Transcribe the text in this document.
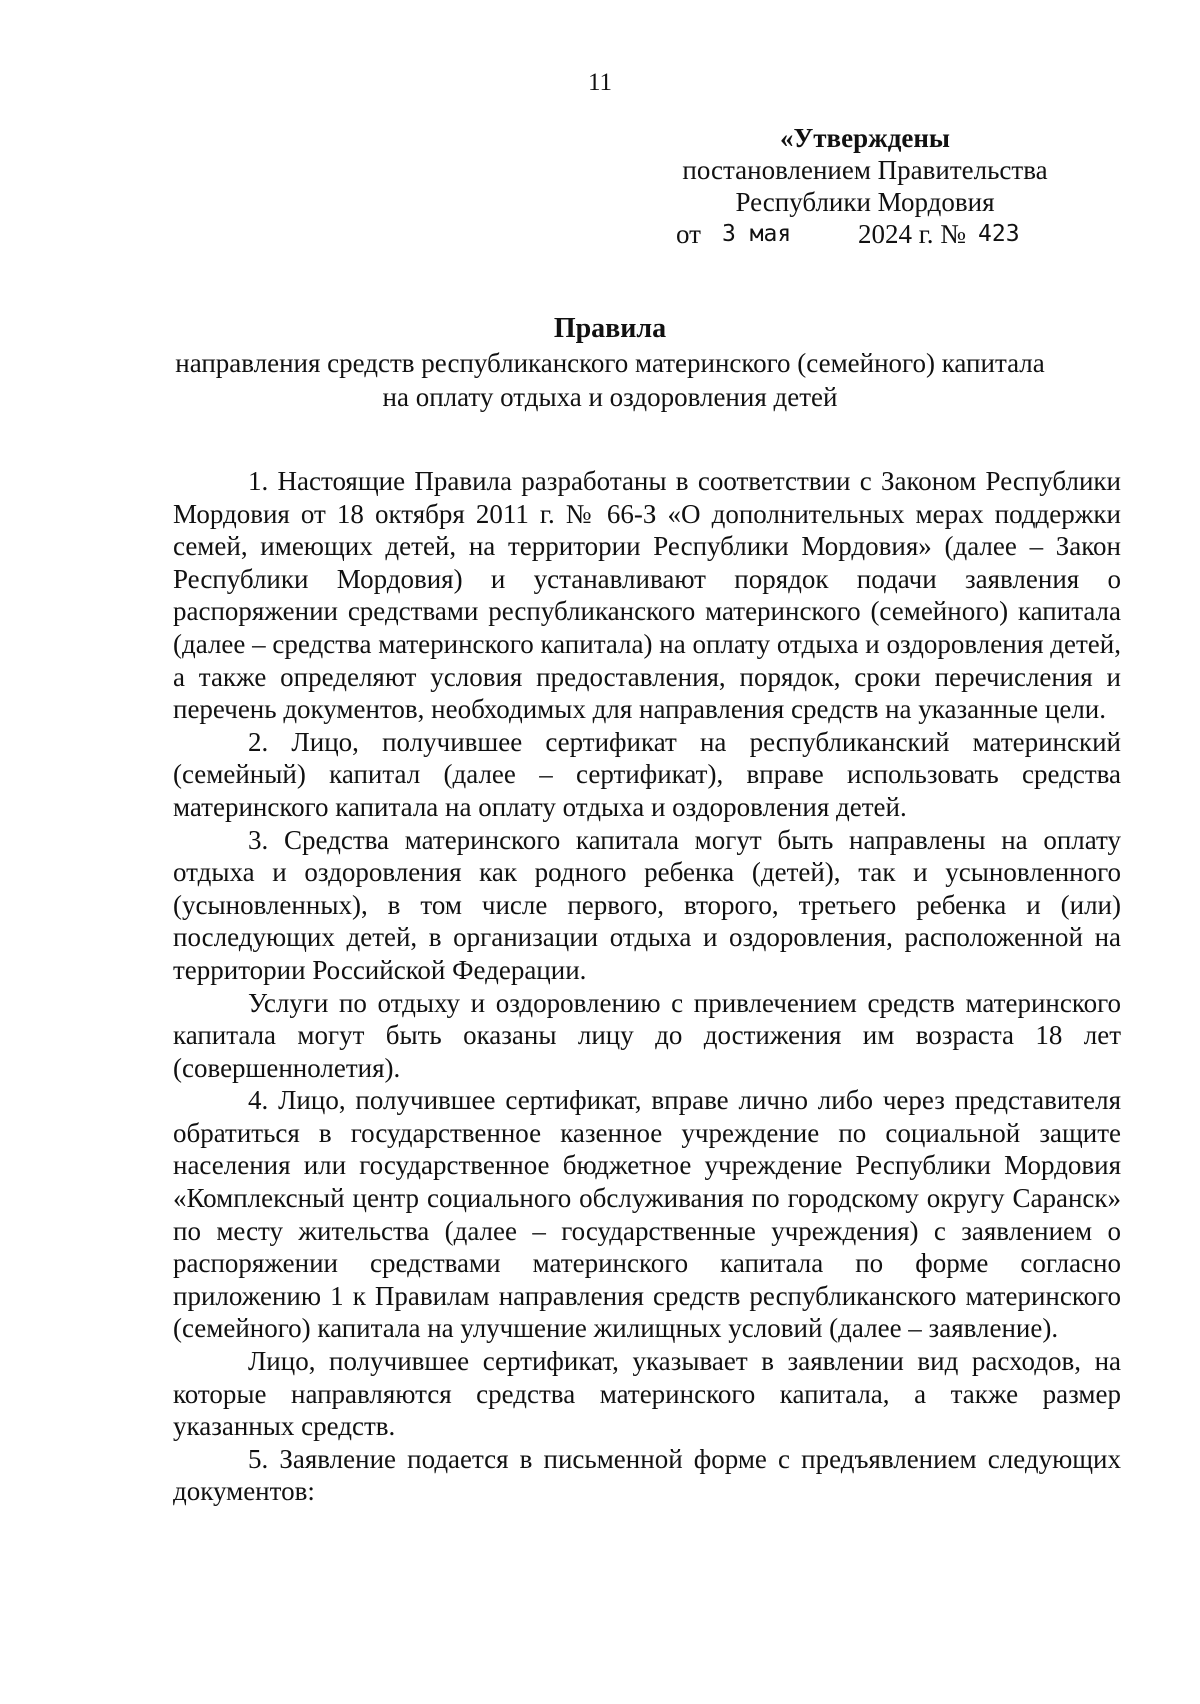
11
«Утверждены
постановлением Правительства
Республики Мордовия
от 3 мая 2024 г. № 423
Правила
направления средств республиканского материнского (семейного) капитала
на оплату отдыха и оздоровления детей

1. Настоящие Правила разработаны в соответствии с Законом Республики Мордовия от 18 октября 2011 г. № 66-З «О дополнительных мерах поддержки семей, имеющих детей, на территории Республики Мордовия» (далее – Закон Республики Мордовия) и устанавливают порядок подачи заявления о распоряжении средствами республиканского материнского (семейного) капитала (далее – средства материнского капитала) на оплату отдыха и оздоровления детей, а также определяют условия предоставления, порядок, сроки перечисления и перечень документов, необходимых для направления средств на указанные цели.

2. Лицо, получившее сертификат на республиканский материнский (семейный) капитал (далее – сертификат), вправе использовать средства материнского капитала на оплату отдыха и оздоровления детей.

3. Средства материнского капитала могут быть направлены на оплату отдыха и оздоровления как родного ребенка (детей), так и усыновленного (усыновленных), в том числе первого, второго, третьего ребенка и (или) последующих детей, в организации отдыха и оздоровления, расположенной на территории Российской Федерации.

Услуги по отдыху и оздоровлению с привлечением средств материнского капитала могут быть оказаны лицу до достижения им возраста 18 лет (совершеннолетия).

4. Лицо, получившее сертификат, вправе лично либо через представителя обратиться в государственное казенное учреждение по социальной защите населения или государственное бюджетное учреждение Республики Мордовия «Комплексный центр социального обслуживания по городскому округу Саранск» по месту жительства (далее – государственные учреждения) с заявлением о распоряжении средствами материнского капитала по форме согласно приложению 1 к Правилам направления средств республиканского материнского (семейного) капитала на улучшение жилищных условий (далее – заявление).

Лицо, получившее сертификат, указывает в заявлении вид расходов, на которые направляются средства материнского капитала, а также размер указанных средств.

5. Заявление подается в письменной форме с предъявлением следующих документов:
